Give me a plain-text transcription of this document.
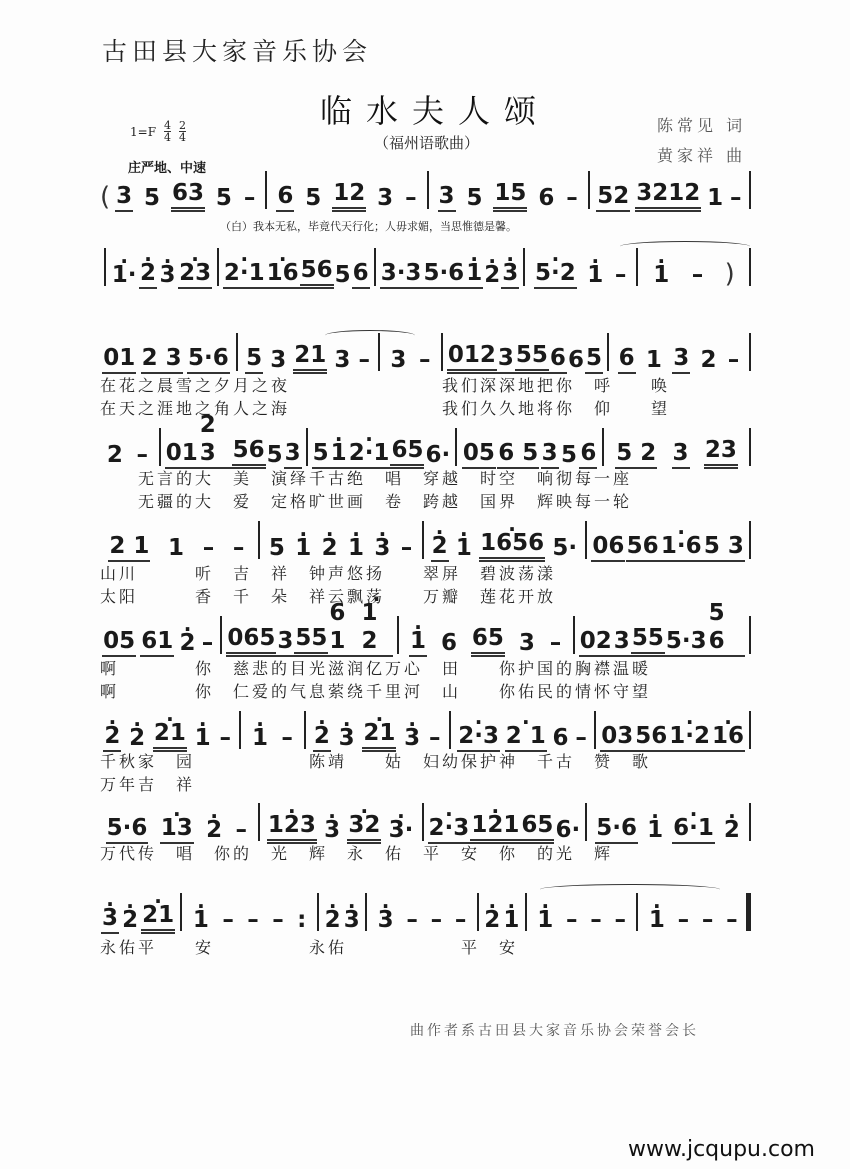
古田县大家音乐协会
临水夫人颂
（福州语歌曲）
陈常见 词
黄家祥 曲
$1=F \frac{4}{4} \frac{2}{4}$
庄严地、中速
( 3 5 63 5 – 6 5 12 3 – 3 5 15 6 – 52 3212 1 –
（白）我本无私，毕竟代天行化；人毋求媚，当思惟德是馨。
· 1· · 2 · 3 · 23 · 2·1 · 16 56 5 6 3·3 5·6 · 1 · 2 · 3 · 5·2 · 1 – · 1 – )
01 2 3 5·6 5 3 21 3 – 3 – 012 3 55 6 6 5 6 1 3 2 –
在花之晨雪之夕月之夜　　　　　　　　我们深深地把你　呼　　唤
在天之涯地之角人之海　　　　　　　　我们久久地将你　仰　　望
2 – 01
2 3 56 5 3 5 · 1 · 2·1 65 6· 05 6 5 3 5 6 5 2 3 23
　　无言的大　美　演绎千古绝　唱　穿越　时空　响彻每一座
　　无疆的大　爱　定格旷世画　卷　跨越　国界　辉映每一轮
2 1 1 – – 5 · 1 · 2 · 1 · 3 – · 2 · 1 · 1656 5· 06 56 · 1·6 5 3
山川　　　听　吉　祥　钟声悠扬　　翠屏　碧波荡漾
太阳　　　香　千　朵　祥云飘荡　　万瓣　莲花开放
05 61 · 2 – 065 3 55
6 1
· 1 2	· 1 6 65 3 – 02 3 55 5·3
5 6
啊　　　　你　慈悲的目光滋润亿万心　田　　你护国的胸襟温暖
啊　　　　你　仁爱的气息萦绕千里河　山　　你佑民的情怀守望
· 2 · 2 · 21 · 1 – · 1 – · 2 · 3 · 21 · 3 – · 2·3 · 2 1 6 – 03 56 · 1·2 · 16
千秋家　园　　　　　　陈靖　　姑　妇幼保护神　千古　赞　歌
万年吉　祥
5·6 · 13 · 2 – · 123 · 3 · 32 · 3· · 2·3 · 121 65 6· 5·6 · 1 · 6·1 · 2
万代传　唱　你的　光　辉　永　佑　平　安　你　的光　辉
· 3 · 2 · 21 · 1 – – – : · 2 · 3 · 3 – – – · 2 · 1 · 1 – – – · 1 – – –
永佑平　　安　　　　　永佑　　　　　　平　安
曲作者系古田县大家音乐协会荣誉会长
www.jcqupu.com
